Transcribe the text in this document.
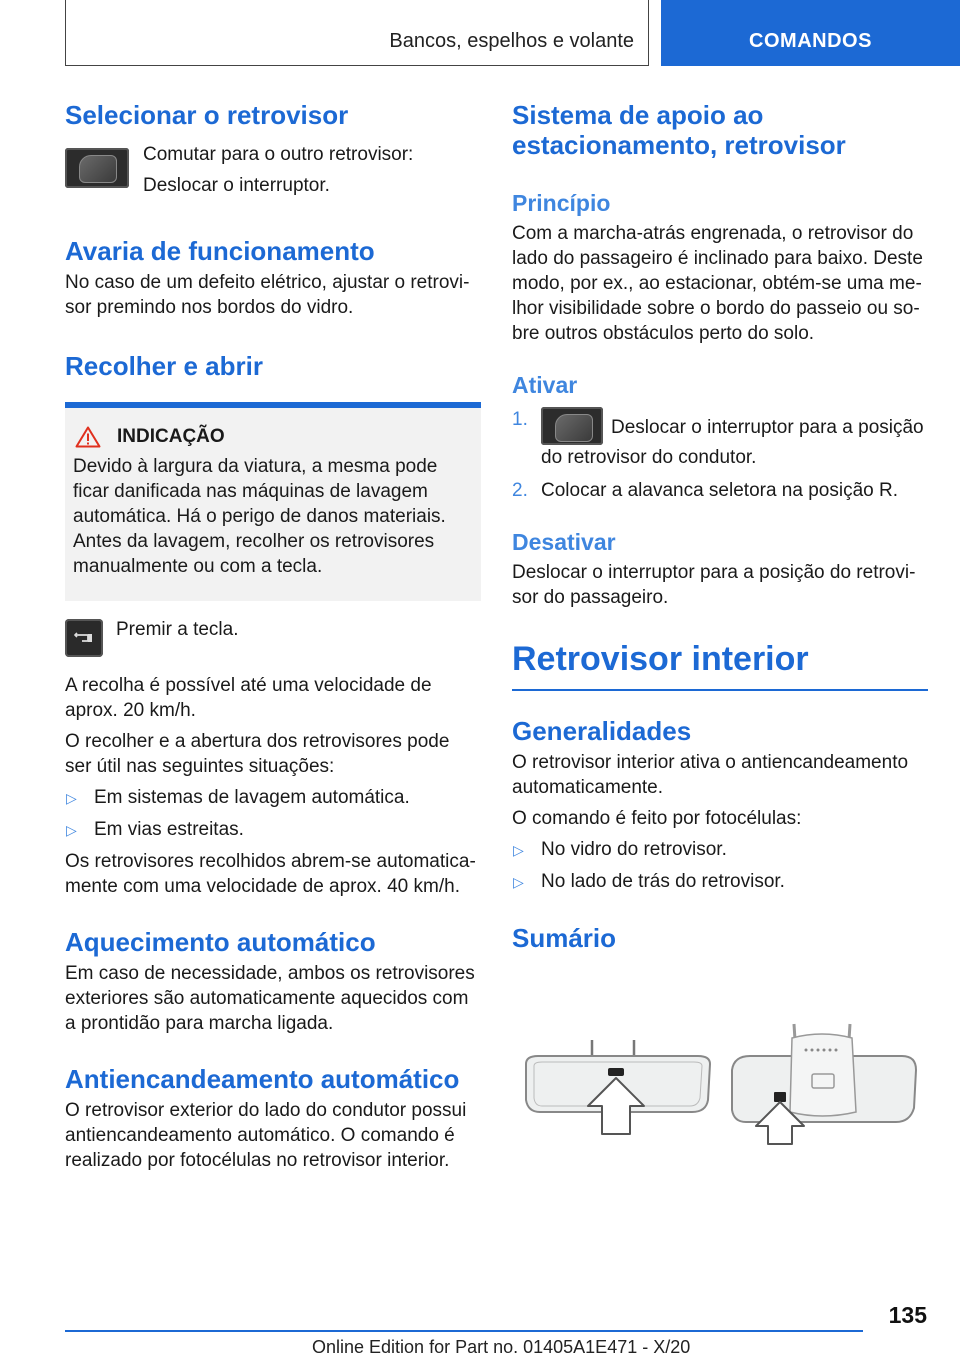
Bancos, espelhos e volante	COMANDOS
Selecionar o retrovisor
Comutar para o outro retrovisor:
Deslocar o interruptor.
Avaria de funcionamento
No caso de um defeito elétrico, ajustar o retrovisor premindo nos bordos do vidro.
Recolher e abrir
INDICAÇÃO
Devido à largura da viatura, a mesma pode ficar danificada nas máquinas de lavagem automática. Há o perigo de danos materiais. Antes da lavagem, recolher os retrovisores manualmente ou com a tecla.
Premir a tecla.
A recolha é possível até uma velocidade de aprox. 20 km/h.
O recolher e a abertura dos retrovisores pode ser útil nas seguintes situações:
▷ Em sistemas de lavagem automática.
▷ Em vias estreitas.
Os retrovisores recolhidos abrem-se automaticamente com uma velocidade de aprox. 40 km/h.
Aquecimento automático
Em caso de necessidade, ambos os retrovisores exteriores são automaticamente aquecidos com a prontidão para marcha ligada.
Antiencandeamento automático
O retrovisor exterior do lado do condutor possui antiencandeamento automático. O comando é realizado por fotocélulas no retrovisor interior.
Sistema de apoio ao estacionamento, retrovisor
Princípio
Com a marcha-atrás engrenada, o retrovisor do lado do passageiro é inclinado para baixo. Deste modo, por ex., ao estacionar, obtém-se uma melhor visibilidade sobre o bordo do passeio ou sobre outros obstáculos perto do solo.
Ativar
1.	Deslocar o interruptor para a posição do retrovisor do condutor.
2. Colocar a alavanca seletora na posição R.
Desativar
Deslocar o interruptor para a posição do retrovisor do passageiro.
Retrovisor interior
Generalidades
O retrovisor interior ativa o antiencandeamento automaticamente.
O comando é feito por fotocélulas:
▷ No vidro do retrovisor.
▷ No lado de trás do retrovisor.
Sumário
135
Online Edition for Part no. 01405A1E471 - X/20
